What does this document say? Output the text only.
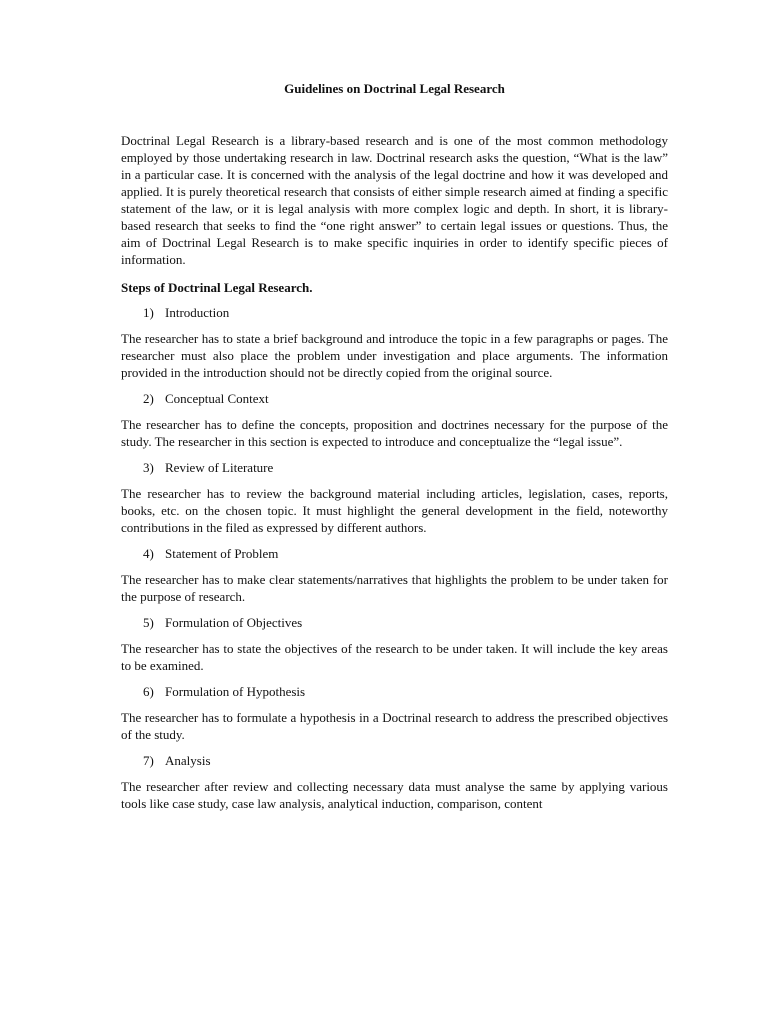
Guidelines on Doctrinal Legal Research

Doctrinal Legal Research is a library-based research and is one of the most common methodology employed by those undertaking research in law. Doctrinal research asks the question, “What is the law” in a particular case. It is concerned with the analysis of the legal doctrine and how it was developed and applied. It is purely theoretical research that consists of either simple research aimed at finding a specific statement of the law, or it is legal analysis with more complex logic and depth. In short, it is library-based research that seeks to find the “one right answer” to certain legal issues or questions. Thus, the aim of Doctrinal Legal Research is to make specific inquiries in order to identify specific pieces of information.

Steps of Doctrinal Legal Research.
1) Introduction

The researcher has to state a brief background and introduce the topic in a few paragraphs or pages. The researcher must also place the problem under investigation and place arguments. The information provided in the introduction should not be directly copied from the original source.

2) Conceptual Context

The researcher has to define the concepts, proposition and doctrines necessary for the purpose of the study. The researcher in this section is expected to introduce and conceptualize the “legal issue”.

3) Review of Literature

The researcher has to review the background material including articles, legislation, cases, reports, books, etc. on the chosen topic. It must highlight the general development in the field, noteworthy contributions in the filed as expressed by different authors.

4) Statement of Problem

The researcher has to make clear statements/narratives that highlights the problem to be under taken for the purpose of research.

5) Formulation of Objectives

The researcher has to state the objectives of the research to be under taken. It will include the key areas to be examined.

6) Formulation of Hypothesis

The researcher has to formulate a hypothesis in a Doctrinal research to address the prescribed objectives of the study.

7) Analysis

The researcher after review and collecting necessary data must analyse the same by applying various tools like case study, case law analysis, analytical induction, comparison, content
